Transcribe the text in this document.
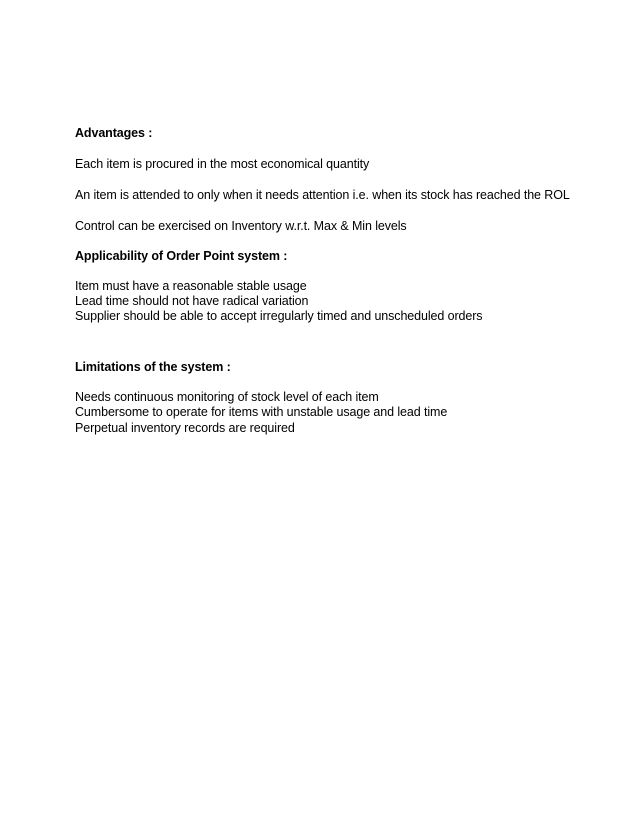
Advantages :
Each item is procured in the most economical quantity
An item is attended to only when it needs attention i.e. when its stock has reached the ROL
Control can be exercised on Inventory w.r.t. Max & Min levels
Applicability of Order Point system :
Item must have a reasonable stable usage
Lead time should not have radical variation
Supplier should be able to accept irregularly timed and unscheduled orders
Limitations of the system :
Needs continuous monitoring of stock level of each item
Cumbersome to operate for items with unstable usage and lead time
Perpetual inventory records are required
